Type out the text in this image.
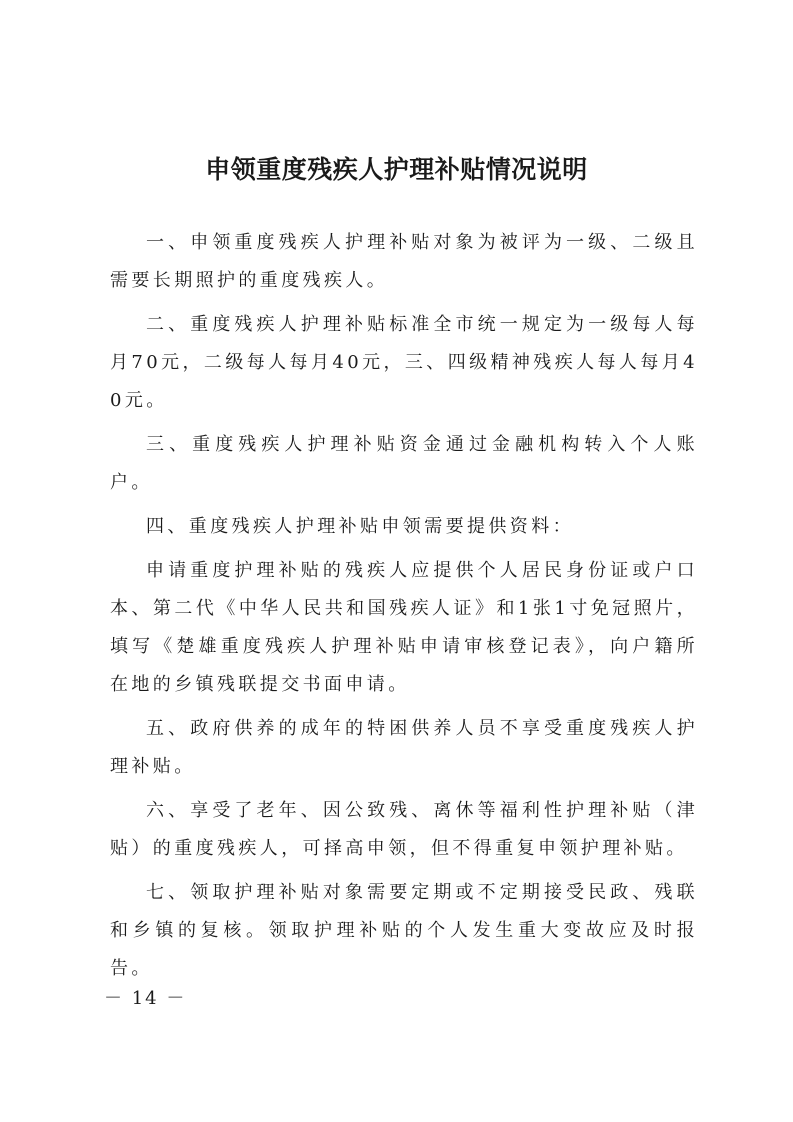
申领重度残疾人护理补贴情况说明

一、申领重度残疾人护理补贴对象为被评为一级、二级且需要长期照护的重度残疾人。

二、重度残疾人护理补贴标准全市统一规定为一级每人每月70元，二级每人每月40元，三、四级精神残疾人每人每月40元。

三、重度残疾人护理补贴资金通过金融机构转入个人账户。

四、重度残疾人护理补贴申领需要提供资料：

申请重度护理补贴的残疾人应提供个人居民身份证或户口本、第二代《中华人民共和国残疾人证》和1张1寸免冠照片，填写《楚雄重度残疾人护理补贴申请审核登记表》，向户籍所在地的乡镇残联提交书面申请。

五、政府供养的成年的特困供养人员不享受重度残疾人护理补贴。

六、享受了老年、因公致残、离休等福利性护理补贴（津贴）的重度残疾人，可择高申领，但不得重复申领护理补贴。

七、领取护理补贴对象需要定期或不定期接受民政、残联和乡镇的复核。领取护理补贴的个人发生重大变故应及时报告。

－ 14 －
